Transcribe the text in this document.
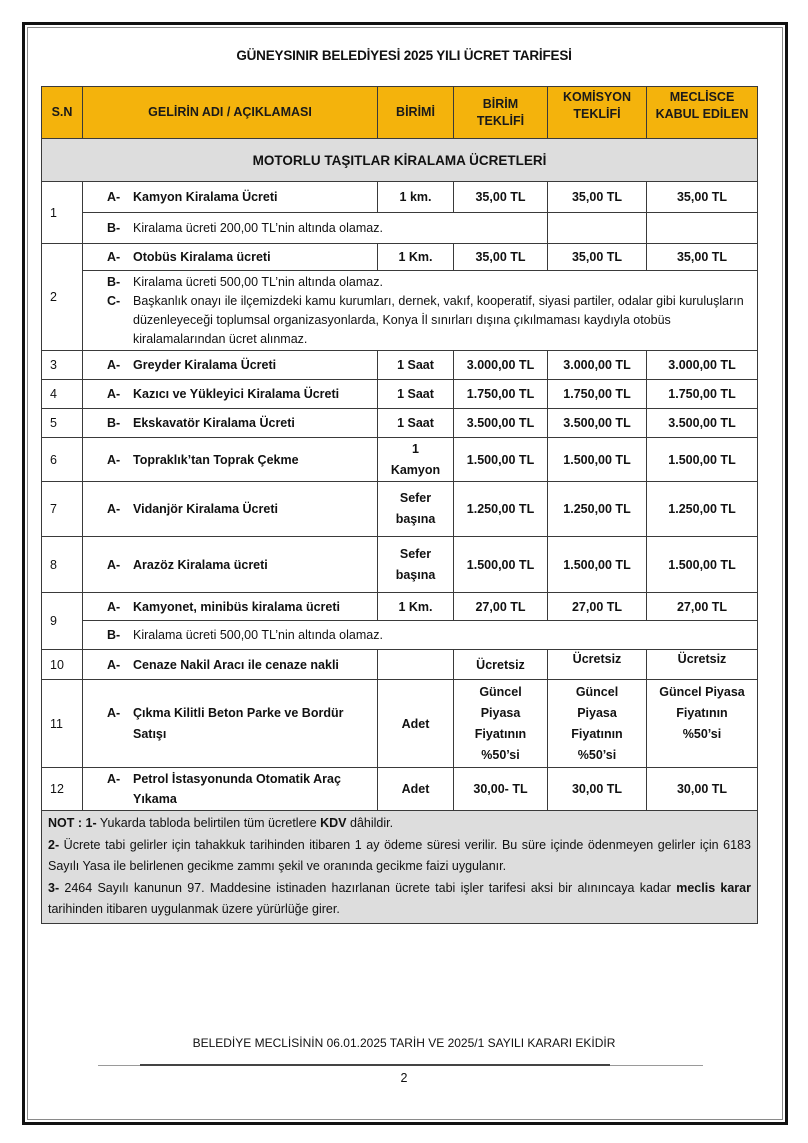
GÜNEYSINIR BELEDİYESİ 2025 YILI ÜCRET TARİFESİ
S.N	GELİRİN ADI / AÇIKLAMASI	BİRİMİ	BİRİM
TEKLİFİ	KOMİSYON
TEKLİFİ	MECLİSCE
KABUL EDİLEN
MOTORLU TAŞITLAR KİRALAMA ÜCRETLERİ					
1	A- Kamyon Kiralama Ücreti	1 km.	35,00 TL	35,00 TL	35,00 TL
	B- Kiralama ücreti 200,00 TL’nin altında olamaz.				
2	A- Otobüs Kiralama ücreti	1 Km.	35,00 TL	35,00 TL	35,00 TL

	B- Kiralama ücreti 500,00 TL’nin altında olamaz.
C- Başkanlık onayı ile ilçemizdeki kamu kurumları, dernek, vakıf, kooperatif, siyasi partiler, odalar gibi kuruluşların düzenleyeceği toplumsal organizasyonlarda, Konya İl sınırları dışına çıkılmaması kaydıyla otobüs kiralamalarından ücret alınmaz.				

3	A- Greyder Kiralama Ücreti	1 Saat	3.000,00 TL	3.000,00 TL	3.000,00 TL
4	A- Kazıcı ve Yükleyici Kiralama Ücreti	1 Saat	1.750,00 TL	1.750,00 TL	1.750,00 TL
5	B- Ekskavatör Kiralama Ücreti	1 Saat	3.500,00 TL	3.500,00 TL	3.500,00 TL
6	A- Topraklık’tan Toprak Çekme	1
Kamyon	1.500,00 TL	1.500,00 TL	1.500,00 TL
7	A- Vidanjör Kiralama Ücreti	Sefer
başına	1.250,00 TL	1.250,00 TL	1.250,00 TL
8	A- Arazöz Kiralama ücreti	Sefer
başına	1.500,00 TL	1.500,00 TL	1.500,00 TL
9	A- Kamyonet, minibüs kiralama ücreti	1 Km.	27,00 TL	27,00 TL	27,00 TL
	B- Kiralama ücreti 500,00 TL’nin altında olamaz.				
10	A- Cenaze Nakil Aracı ile cenaze nakli		Ücretsiz	Ücretsiz	Ücretsiz
11	A- Çıkma Kilitli Beton Parke ve Bordür
Satışı	Adet	Güncel
Piyasa
Fiyatının
%50’si	Güncel
Piyasa
Fiyatının
%50’si	Güncel Piyasa
Fiyatının
%50’si
12	A- Petrol İstasyonunda Otomatik Araç
Yıkama	Adet	30,00- TL	30,00 TL	30,00 TL

NOT : 1- Yukarda tabloda belirtilen tüm ücretlere KDV dâhildir.
2- Ücrete tabi gelirler için tahakkuk tarihinden itibaren 1 ay ödeme süresi verilir. Bu süre içinde ödenmeyen gelirler için 6183 Sayılı Yasa ile belirlenen gecikme zammı şekil ve oranında gecikme faizi uygulanır.
3- 2464 Sayılı kanunun 97. Maddesine istinaden hazırlanan ücrete tabi işler tarifesi aksi bir alınıncaya kadar meclis karar tarihinden itibaren uygulanmak üzere yürürlüğe girer.					
BELEDİYE MECLİSİNİN 06.01.2025 TARİH VE 2025/1 SAYILI KARARI EKİDİR
2
